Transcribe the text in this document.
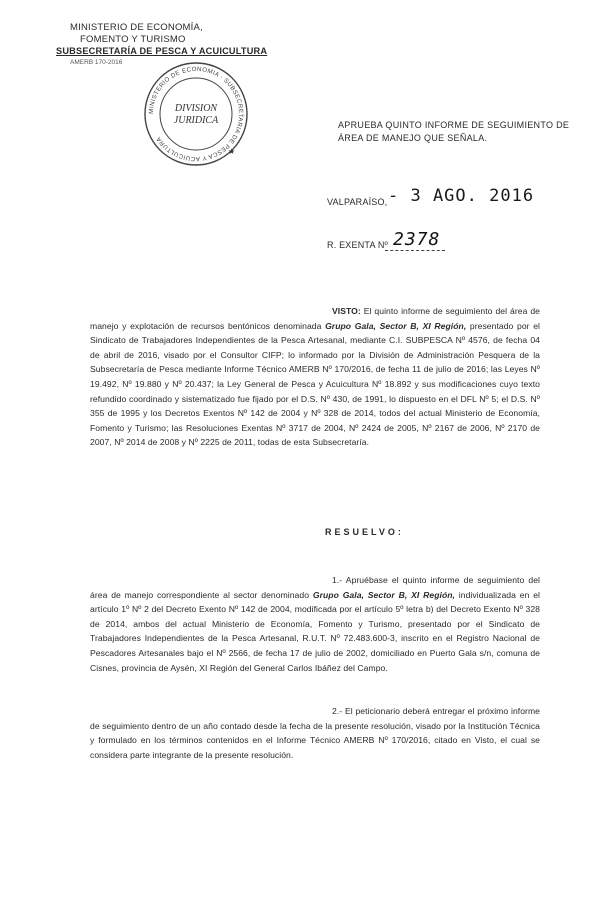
MINISTERIO DE ECONOMÍA,
FOMENTO Y TURISMO
SUBSECRETARÍA DE PESCA Y ACUICULTURA
AMERB 170-2016
MINISTERIO DE ECONOMIA · SUBSECRETARIA DE PESCA Y ACUICULTURA
DIVISION
JURIDICA
★
APRUEBA QUINTO INFORME DE SEGUIMIENTO DE
ÁREA DE MANEJO QUE SEÑALA.
VALPARAÍSO, - 3 AGO. 2016
R. EXENTA Nº 2378
VISTO: El quinto informe de seguimiento del área de manejo y explotación de recursos bentónicos denominada Grupo Gala, Sector B, XI Región, presentado por el Sindicato de Trabajadores Independientes de la Pesca Artesanal, mediante C.I. SUBPESCA Nº 4576, de fecha 04 de abril de 2016, visado por el Consultor CIFP; lo informado por la División de Administración Pesquera de la Subsecretaría de Pesca mediante Informe Técnico AMERB Nº 170/2016, de fecha 11 de julio de 2016; las Leyes Nº 19.492, Nº 19.880 y Nº 20.437; la Ley General de Pesca y Acuicultura Nº 18.892 y sus modificaciones cuyo texto refundido coordinado y sistematizado fue fijado por el D.S. Nº 430, de 1991, lo dispuesto en el DFL Nº 5; el D.S. Nº 355 de 1995 y los Decretos Exentos Nº 142 de 2004 y Nº 328 de 2014, todos del actual Ministerio de Economía, Fomento y Turismo; las Resoluciones Exentas Nº 3717 de 2004, Nº 2424 de 2005, Nº 2167 de 2006, Nº 2170 de 2007, Nº 2014 de 2008 y Nº 2225 de 2011, todas de esta Subsecretaría.
RESUELVO:
1.- Apruébase el quinto informe de seguimiento del área de manejo correspondiente al sector denominado Grupo Gala, Sector B, XI Región, individualizada en el artículo 1º Nº 2 del Decreto Exento Nº 142 de 2004, modificada por el artículo 5º letra b) del Decreto Exento Nº 328 de 2014, ambos del actual Ministerio de Economía, Fomento y Turismo, presentado por el Sindicato de Trabajadores Independientes de la Pesca Artesanal, R.U.T. Nº 72.483.600-3, inscrito en el Registro Nacional de Pescadores Artesanales bajo el Nº 2566, de fecha 17 de julio de 2002, domiciliado en Puerto Gala s/n, comuna de Cisnes, provincia de Aysén, XI Región del General Carlos Ibáñez del Campo.
2.- El peticionario deberá entregar el próximo informe de seguimiento dentro de un año contado desde la fecha de la presente resolución, visado por la Institución Técnica y formulado en los términos contenidos en el Informe Técnico AMERB Nº 170/2016, citado en Visto, el cual se considera parte integrante de la presente resolución.
